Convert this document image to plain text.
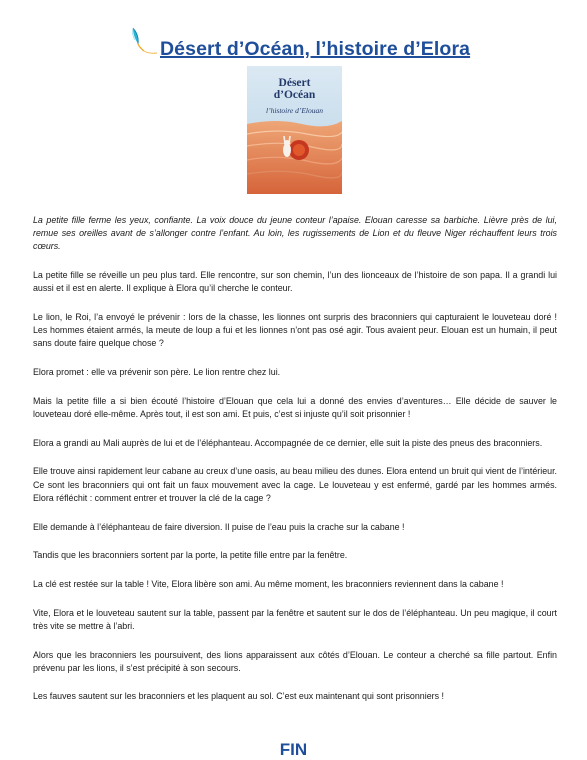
Désert d’Océan, l’histoire d’Elora
Désert
d’Océan
l’histoire d’Elouan

La petite fille ferme les yeux, confiante. La voix douce du jeune conteur l’apaise. Elouan caresse sa barbiche. Lièvre près de lui, remue ses oreilles avant de s’allonger contre l’enfant. Au loin, les rugissements de Lion et du fleuve Niger réchauffent leurs trois cœurs.

La petite fille se réveille un peu plus tard. Elle rencontre, sur son chemin, l’un des lionceaux de l’histoire de son papa. Il a grandi lui aussi et il est en alerte. Il explique à Elora qu’il cherche le conteur.

Le lion, le Roi, l’a envoyé le prévenir : lors de la chasse, les lionnes ont surpris des braconniers qui capturaient le louveteau doré ! Les hommes étaient armés, la meute de loup a fui et les lionnes n’ont pas osé agir. Tous avaient peur. Elouan est un humain, il peut sans doute faire quelque chose ?

Elora promet : elle va prévenir son père. Le lion rentre chez lui.

Mais la petite fille a si bien écouté l’histoire d’Elouan que cela lui a donné des envies d’aventures… Elle décide de sauver le louveteau doré elle-même. Après tout, il est son ami. Et puis, c’est si injuste qu’il soit prisonnier !

Elora a grandi au Mali auprès de lui et de l’éléphanteau. Accompagnée de ce dernier, elle suit la piste des pneus des braconniers.

Elle trouve ainsi rapidement leur cabane au creux d’une oasis, au beau milieu des dunes. Elora entend un bruit qui vient de l’intérieur. Ce sont les braconniers qui ont fait un faux mouvement avec la cage. Le louveteau y est enfermé, gardé par les hommes armés. Elora réfléchit : comment entrer et trouver la clé de la cage ?

Elle demande à l’éléphanteau de faire diversion. Il puise de l’eau puis la crache sur la cabane !

Tandis que les braconniers sortent par la porte, la petite fille entre par la fenêtre.

La clé est restée sur la table ! Vite, Elora libère son ami. Au même moment, les braconniers reviennent dans la cabane !

Vite, Elora et le louveteau sautent sur la table, passent par la fenêtre et sautent sur le dos de l’éléphanteau. Un peu magique, il court très vite se mettre à l’abri.

Alors que les braconniers les poursuivent, des lions apparaissent aux côtés d’Elouan. Le conteur a cherché sa fille partout. Enfin prévenu par les lions, il s’est précipité à son secours.

Les fauves sautent sur les braconniers et les plaquent au sol. C’est eux maintenant qui sont prisonniers !

FIN
